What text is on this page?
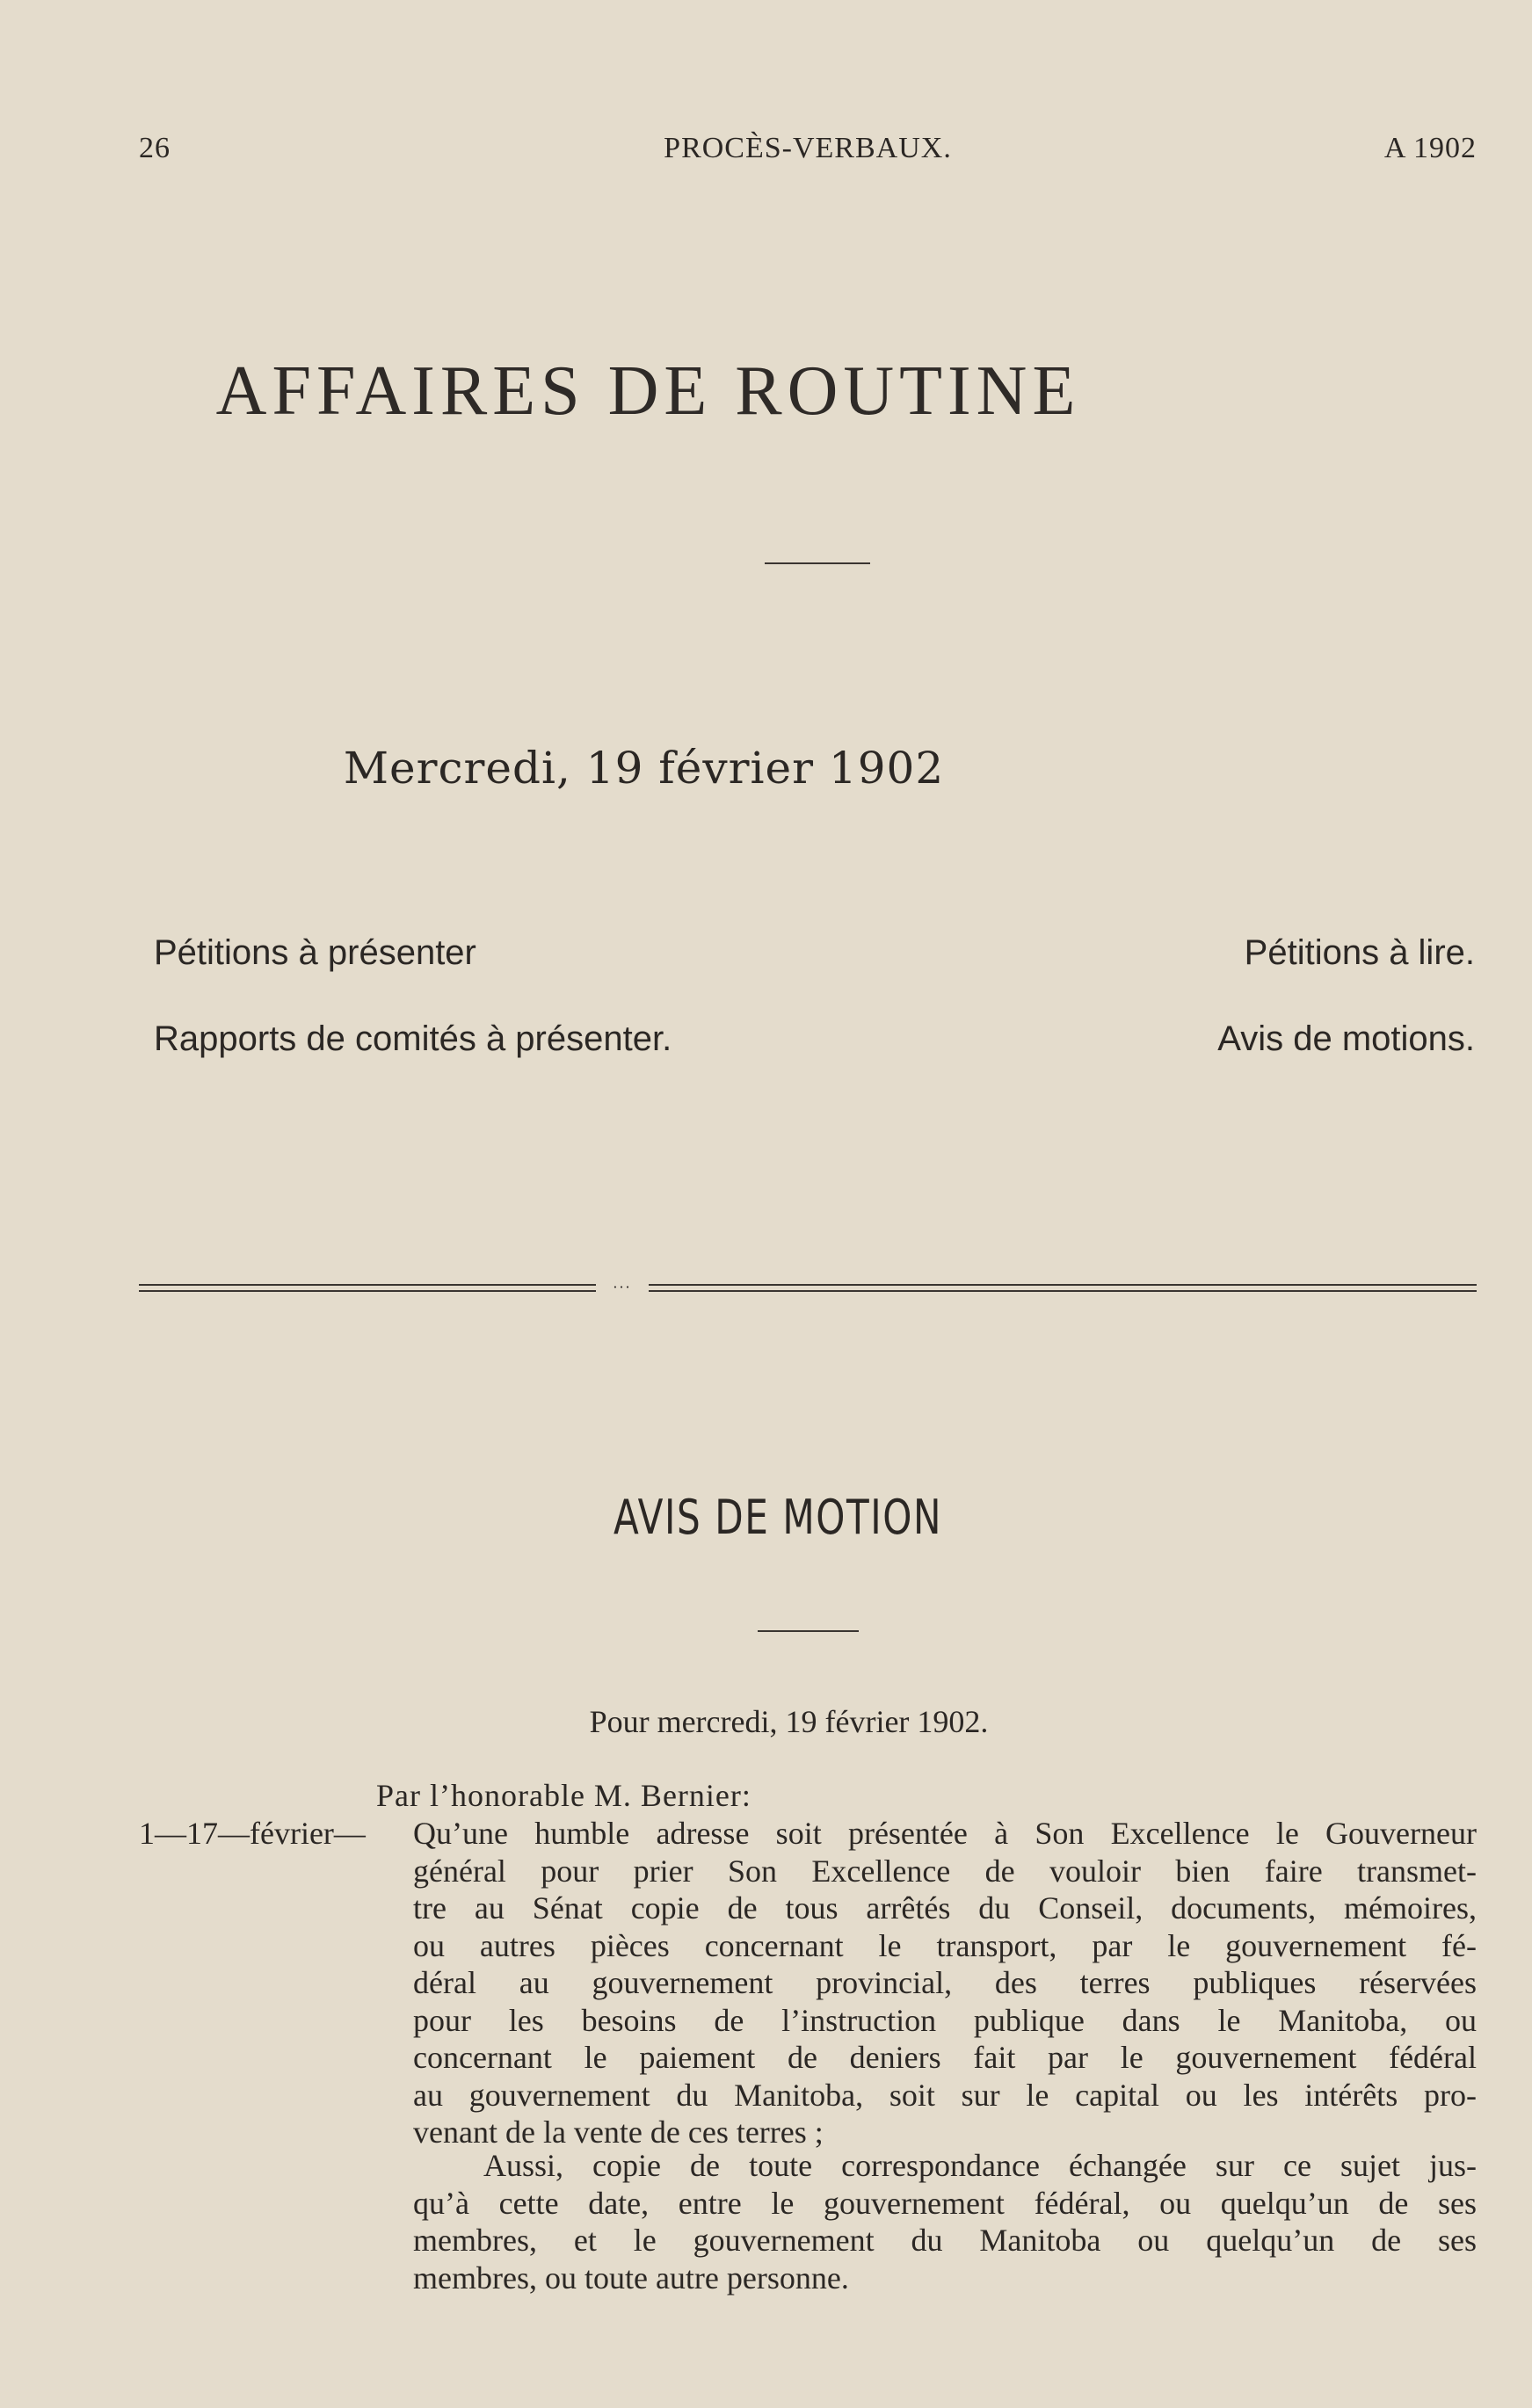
26	PROCÈS-VERBAUX.	A 1902
AFFAIRES DE ROUTINE
Mercredi, 19 février 1902
Pétitions à présenter	Pétitions à lire.
Rapports de comités à présenter.	Avis de motions.
···
AVIS DE MOTION
Pour mercredi, 19 février 1902.
Par l’honorable M. Bernier:
1—17—février— Qu’une humble adresse soit présentée à Son Excellence le Gouverneur
général pour prier Son Excellence de vouloir bien faire transmet-
tre au Sénat copie de tous arrêtés du Conseil, documents, mémoires,
ou autres pièces concernant le transport, par le gouvernement fé-
déral au gouvernement provincial, des terres publiques réservées
pour les besoins de l’instruction publique dans le Manitoba, ou
concernant le paiement de deniers fait par le gouvernement fédéral
au gouvernement du Manitoba, soit sur le capital ou les intérêts pro-
venant de la vente de ces terres ;
Aussi, copie de toute correspondance échangée sur ce sujet jus-
qu’à cette date, entre le gouvernement fédéral, ou quelqu’un de ses
membres, et le gouvernement du Manitoba ou quelqu’un de ses
membres, ou toute autre personne.
